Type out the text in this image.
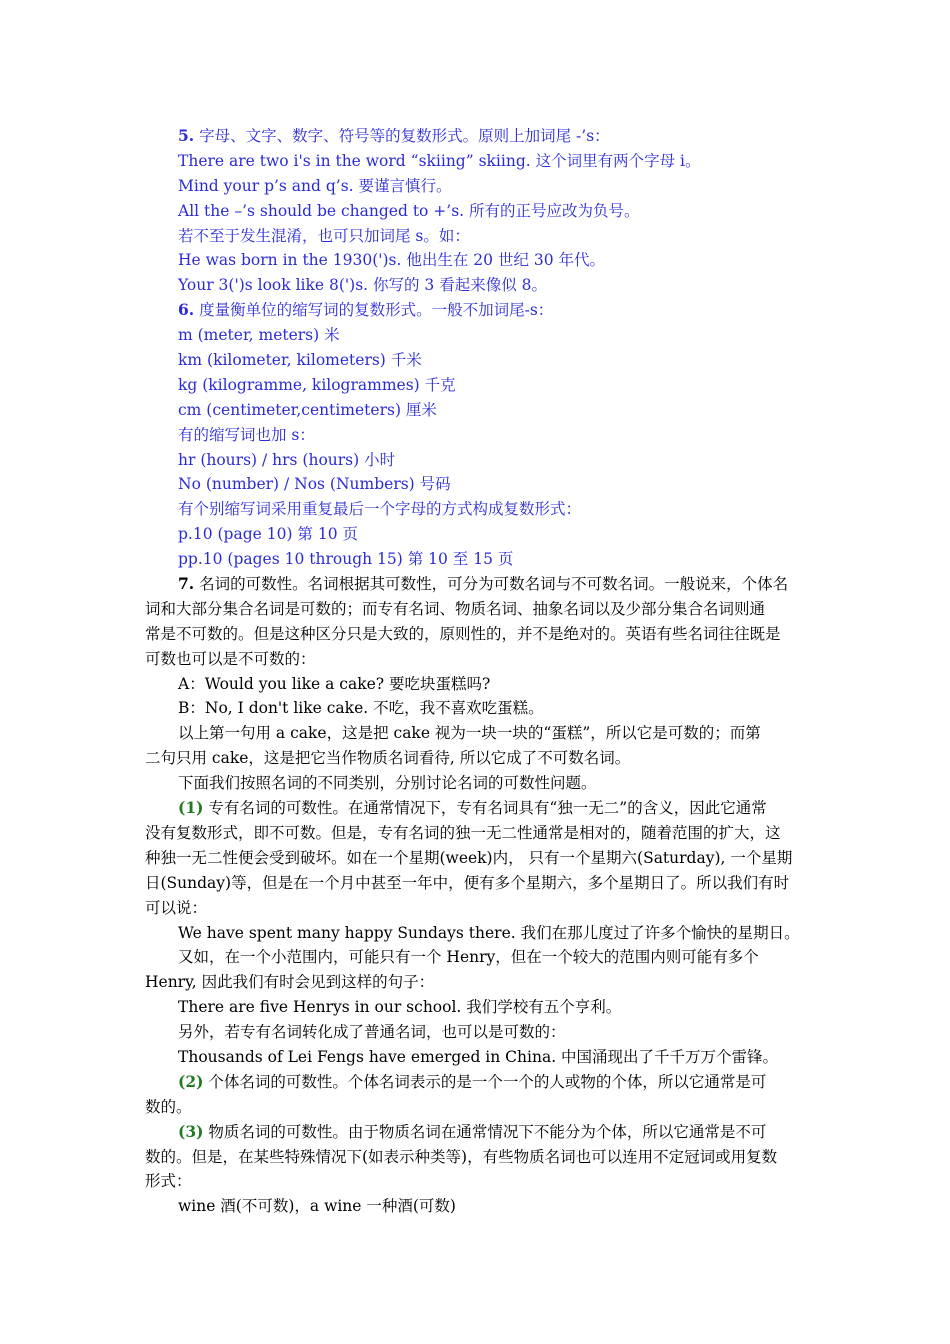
5. 字母、文字、数字、符号等的复数形式。原则上加词尾 -’s：
There are two i's in the word “skiing” skiing. 这个词里有两个字母 i。
Mind your p’s and q’s. 要谨言慎行。
All the –’s should be changed to +’s. 所有的正号应改为负号。
若不至于发生混淆，也可只加词尾 s。如：
He was born in the 1930(')s. 他出生在 20 世纪 30 年代。
Your 3(')s look like 8(')s. 你写的 3 看起来像似 8。
6. 度量衡单位的缩写词的复数形式。一般不加词尾-s：
m (meter, meters) 米
km (kilometer, kilometers) 千米
kg (kilogramme, kilogrammes) 千克
cm (centimeter,centimeters) 厘米
有的缩写词也加 s：
hr (hours) / hrs (hours) 小时
No (number) / Nos (Numbers) 号码
有个别缩写词采用重复最后一个字母的方式构成复数形式：
p.10 (page 10) 第 10 页
pp.10 (pages 10 through 15) 第 10 至 15 页
7. 名词的可数性。名词根据其可数性，可分为可数名词与不可数名词。一般说来，个体名
词和大部分集合名词是可数的；而专有名词、物质名词、抽象名词以及少部分集合名词则通
常是不可数的。但是这种区分只是大致的，原则性的，并不是绝对的。英语有些名词往往既是
可数也可以是不可数的：
A：Would you like a cake? 要吃块蛋糕吗?
B：No, I don't like cake. 不吃，我不喜欢吃蛋糕。
以上第一句用 a cake，这是把 cake 视为一块一块的“蛋糕”，所以它是可数的；而第
二句只用 cake，这是把它当作物质名词看待, 所以它成了不可数名词。
下面我们按照名词的不同类别，分别讨论名词的可数性问题。
(1) 专有名词的可数性。在通常情况下，专有名词具有“独一无二”的含义，因此它通常
没有复数形式，即不可数。但是，专有名词的独一无二性通常是相对的，随着范围的扩大，这
种独一无二性便会受到破坏。如在一个星期(week)内， 只有一个星期六(Saturday), 一个星期
日(Sunday)等，但是在一个月中甚至一年中，便有多个星期六，多个星期日了。所以我们有时
可以说：
We have spent many happy Sundays there. 我们在那儿度过了许多个愉快的星期日。
又如，在一个小范围内，可能只有一个 Henry，但在一个较大的范围内则可能有多个
Henry, 因此我们有时会见到这样的句子：
There are five Henrys in our school. 我们学校有五个亨利。
另外，若专有名词转化成了普通名词，也可以是可数的：
Thousands of Lei Fengs have emerged in China. 中国涌现出了千千万万个雷锋。
(2) 个体名词的可数性。个体名词表示的是一个一个的人或物的个体，所以它通常是可
数的。
(3) 物质名词的可数性。由于物质名词在通常情况下不能分为个体，所以它通常是不可
数的。但是，在某些特殊情况下(如表示种类等)，有些物质名词也可以连用不定冠词或用复数
形式：
wine 酒(不可数)，a wine 一种酒(可数)
